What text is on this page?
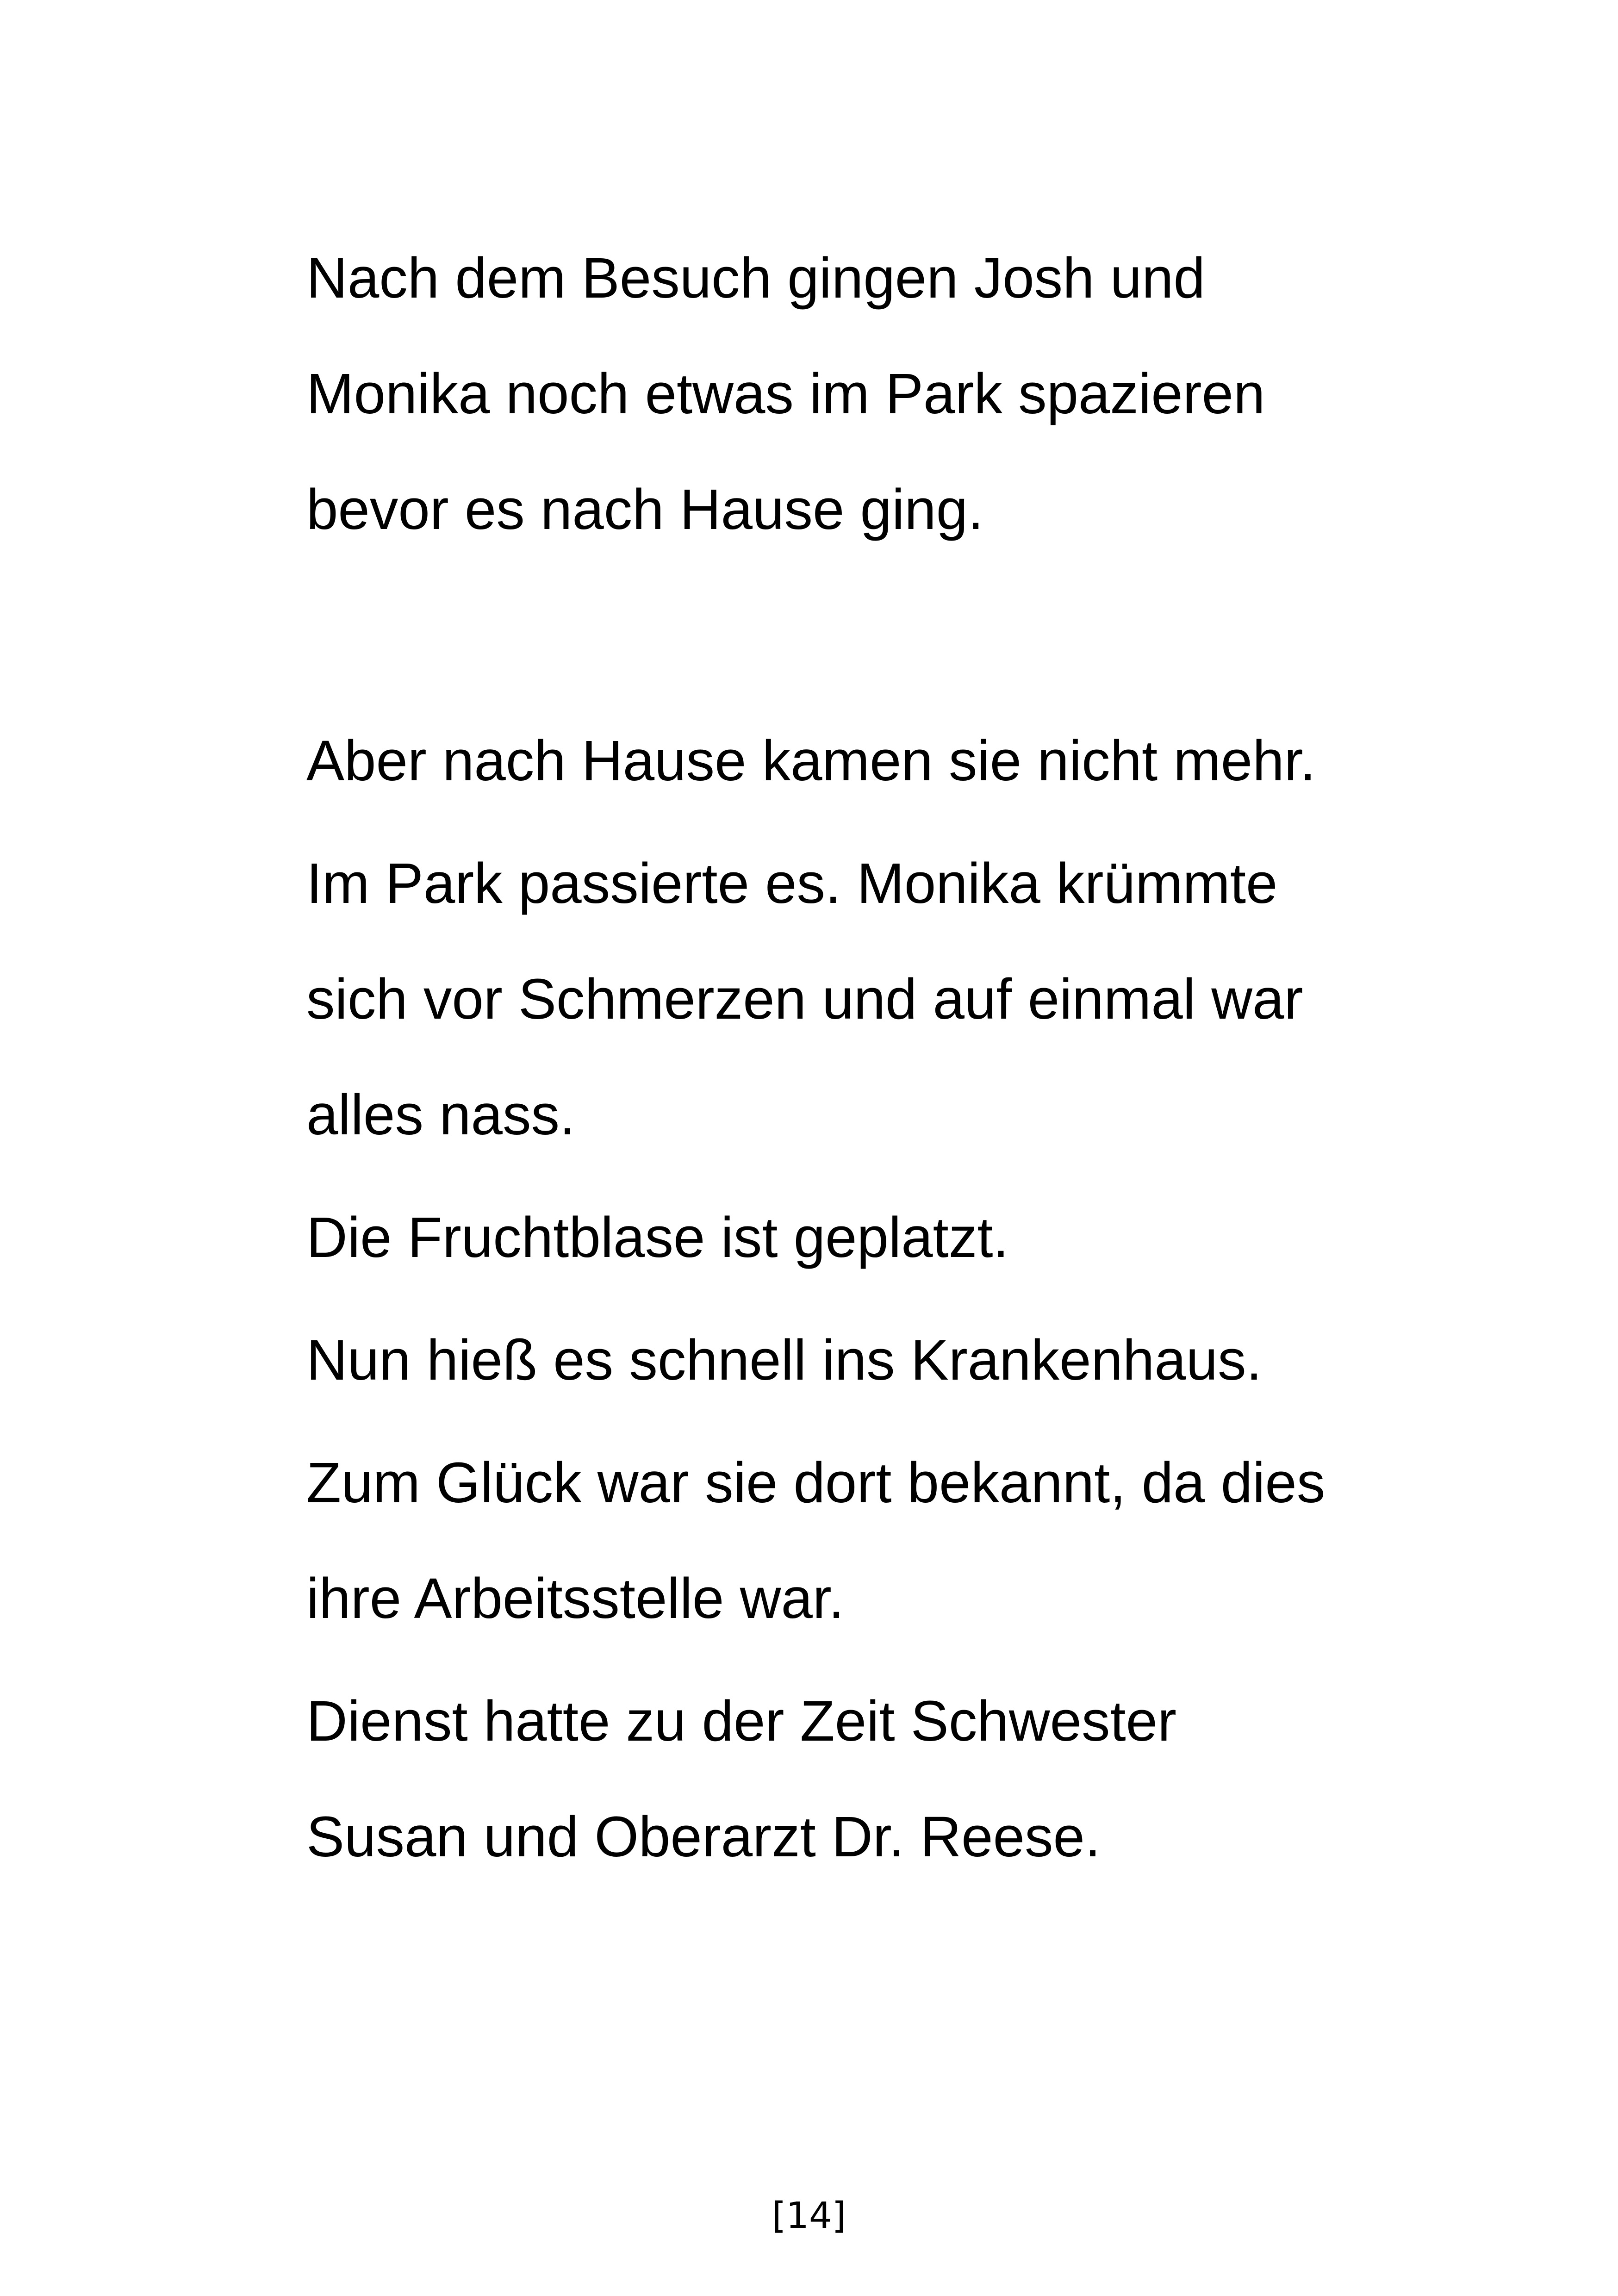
Nach dem Besuch gingen Josh und

Monika noch etwas im Park spazieren

bevor es nach Hause ging.

Aber nach Hause kamen sie nicht mehr.

Im Park passierte es. Monika krümmte

sich vor Schmerzen und auf einmal war

alles nass.

Die Fruchtblase ist geplatzt.

Nun hieß es schnell ins Krankenhaus.

Zum Glück war sie dort bekannt, da dies

ihre Arbeitsstelle war.

Dienst hatte zu der Zeit Schwester

Susan und Oberarzt Dr. Reese.

[14]
